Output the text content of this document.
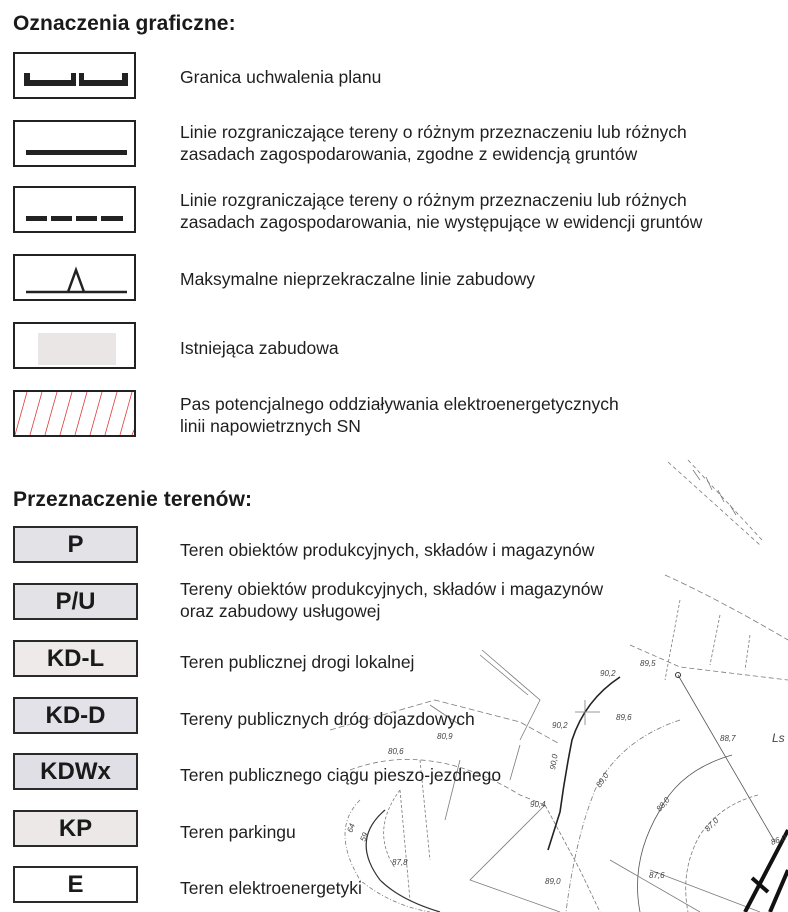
90,2
89,5
89,6
88,7
90,2
90,0
89,0
88,0
87,0
86,0
80,9
80,6
90,4
87,8
89,0
87,6
59
64
Ls
Oznaczenia graficzne:
Granica uchwalenia planu
Linie rozgraniczające tereny o różnym przeznaczeniu lub różnych
zasadach zagospodarowania, zgodne z ewidencją gruntów
Linie rozgraniczające tereny o różnym przeznaczeniu lub różnych
zasadach zagospodarowania, nie występujące w ewidencji gruntów
Maksymalne nieprzekraczalne linie zabudowy
Istniejąca zabudowa
Pas potencjalnego oddziaływania elektroenergetycznych
linii napowietrznych SN
Przeznaczenie terenów:
P	Teren obiektów produkcyjnych, składów i magazynów
P/U	Tereny obiektów produkcyjnych, składów i magazynów
oraz zabudowy usługowej
KD-L	Teren publicznej drogi lokalnej
KD-D	Tereny publicznych dróg dojazdowych
KDWx	Teren publicznego ciągu pieszo-jezdnego
KP	Teren parkingu
E	Teren elektroenergetyki
